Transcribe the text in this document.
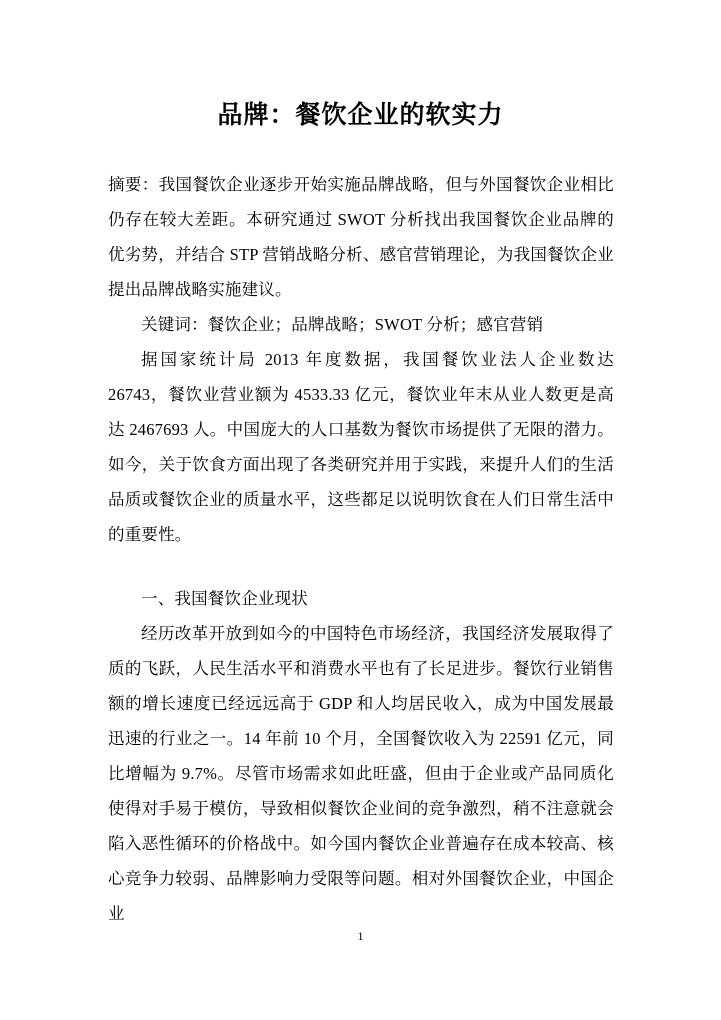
品牌：餐饮企业的软实力
摘要：我国餐饮企业逐步开始实施品牌战略，但与外国餐饮企业相比仍存在较大差距。本研究通过 SWOT 分析找出我国餐饮企业品牌的优劣势，并结合 STP 营销战略分析、感官营销理论，为我国餐饮企业提出品牌战略实施建议。
关键词：餐饮企业；品牌战略；SWOT 分析；感官营销
据国家统计局 2013 年度数据，我国餐饮业法人企业数达 26743，餐饮业营业额为 4533.33 亿元，餐饮业年末从业人数更是高达 2467693 人。中国庞大的人口基数为餐饮市场提供了无限的潜力。如今，关于饮食方面出现了各类研究并用于实践，来提升人们的生活品质或餐饮企业的质量水平，这些都足以说明饮食在人们日常生活中的重要性。
一、我国餐饮企业现状
经历改革开放到如今的中国特色市场经济，我国经济发展取得了质的飞跃，人民生活水平和消费水平也有了长足进步。餐饮行业销售额的增长速度已经远远高于 GDP 和人均居民收入，成为中国发展最迅速的行业之一。14 年前 10 个月，全国餐饮收入为 22591 亿元，同比增幅为 9.7%。尽管市场需求如此旺盛，但由于企业或产品同质化使得对手易于模仿，导致相似餐饮企业间的竞争激烈，稍不注意就会陷入恶性循环的价格战中。如今国内餐饮企业普遍存在成本较高、核心竞争力较弱、品牌影响力受限等问题。相对外国餐饮企业，中国企业
1
